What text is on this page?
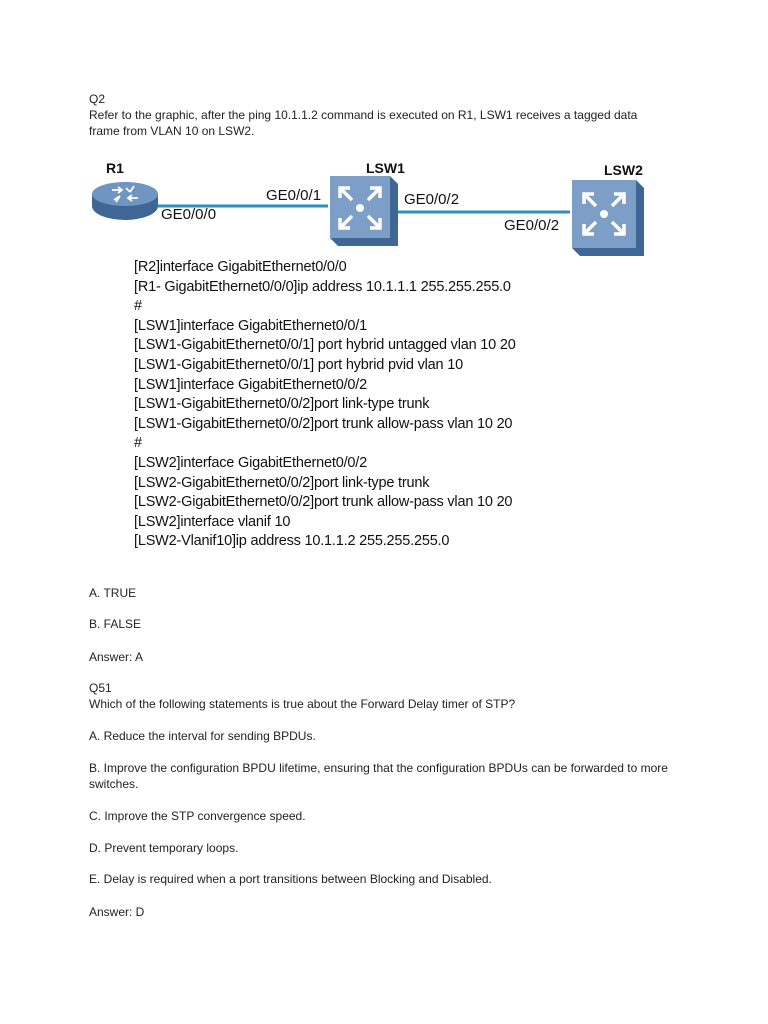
Q2
Refer to the graphic, after the ping 10.1.1.2 command is executed on R1, LSW1 receives a tagged data
frame from VLAN 10 on LSW2.
R1	LSW1	LSW2
GE0/0/0
GE0/0/1	GE0/0/2
GE0/0/2
[R2]interface GigabitEthernet0/0/0
[R1- GigabitEthernet0/0/0]ip address 10.1.1.1 255.255.255.0
#
[LSW1]interface GigabitEthernet0/0/1
[LSW1-GigabitEthernet0/0/1] port hybrid untagged vlan 10 20
[LSW1-GigabitEthernet0/0/1] port hybrid pvid vlan 10
[LSW1]interface GigabitEthernet0/0/2
[LSW1-GigabitEthernet0/0/2]port link-type trunk
[LSW1-GigabitEthernet0/0/2]port trunk allow-pass vlan 10 20
#
[LSW2]interface GigabitEthernet0/0/2
[LSW2-GigabitEthernet0/0/2]port link-type trunk
[LSW2-GigabitEthernet0/0/2]port trunk allow-pass vlan 10 20
[LSW2]interface vlanif 10
[LSW2-Vlanif10]ip address 10.1.1.2 255.255.255.0
A. TRUE
B. FALSE
Answer: A
Q51
Which of the following statements is true about the Forward Delay timer of STP?
A. Reduce the interval for sending BPDUs.
B. Improve the configuration BPDU lifetime, ensuring that the configuration BPDUs can be forwarded to more switches.
C. Improve the STP convergence speed.
D. Prevent temporary loops.
E. Delay is required when a port transitions between Blocking and Disabled.
Answer: D
